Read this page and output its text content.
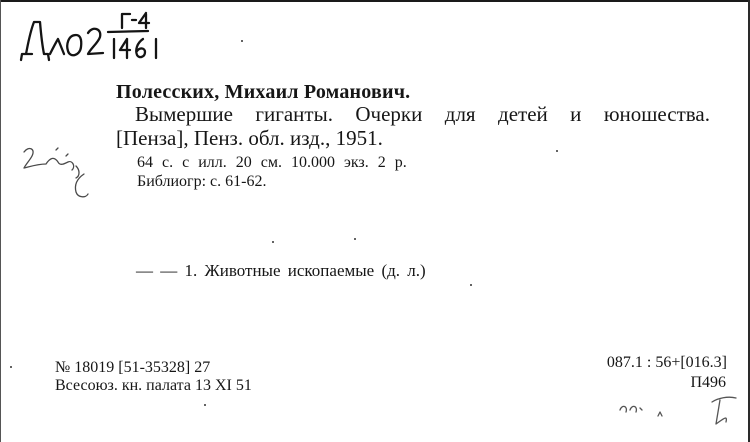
Полесских, Михаил Романович.
Вымершие гиганты. Очерки для детей и юношества.
[Пенза], Пенз. обл. изд., 1951.
64 с. с илл. 20 см. 10.000 экз. 2 р.
Библиогр: с. 61-62.
— — 1. Животные ископаемые (д. л.)
№ 18019 [51-35328] 27
Всесоюз. кн. палата 13 XI 51
087.1 : 56+[016.3]
П496
